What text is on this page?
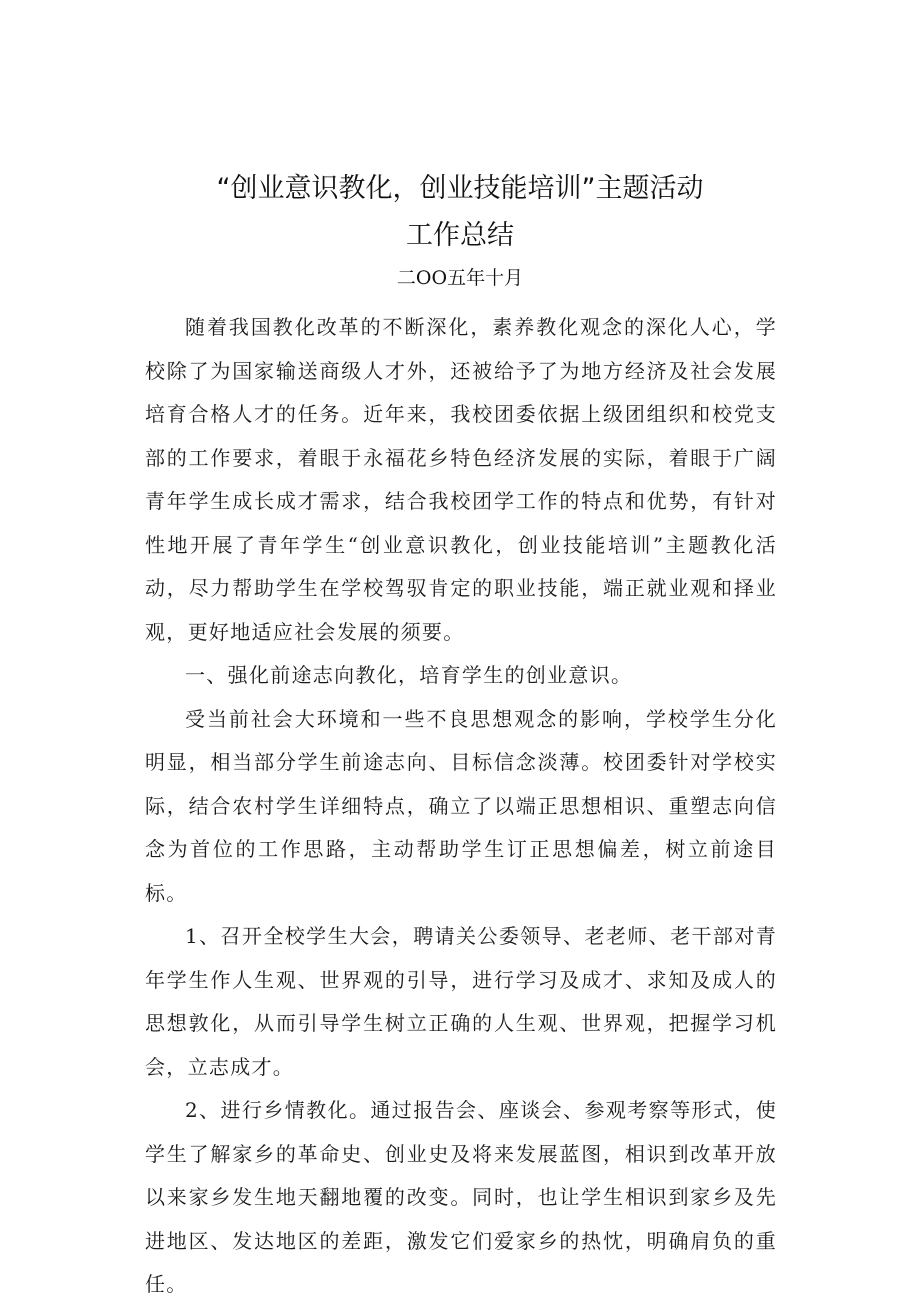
“创业意识教化，创业技能培训”主题活动
工作总结
二OO五年十月

随着我国教化改革的不断深化，素养教化观念的深化人心，学校除了为国家输送商级人才外，还被给予了为地方经济及社会发展培育合格人才的任务。近年来，我校团委依据上级团组织和校党支部的工作要求，着眼于永福花乡特色经济发展的实际，着眼于广阔青年学生成长成才需求，结合我校团学工作的特点和优势，有针对性地开展了青年学生“创业意识教化，创业技能培训”主题教化活动，尽力帮助学生在学校驾驭肯定的职业技能，端正就业观和择业观，更好地适应社会发展的须要。

一、强化前途志向教化，培育学生的创业意识。

受当前社会大环境和一些不良思想观念的影响，学校学生分化明显，相当部分学生前途志向、目标信念淡薄。校团委针对学校实际，结合农村学生详细特点，确立了以端正思想相识、重塑志向信念为首位的工作思路，主动帮助学生订正思想偏差，树立前途目标。

1、召开全校学生大会，聘请关公委领导、老老师、老干部对青年学生作人生观、世界观的引导，进行学习及成才、求知及成人的思想敦化，从而引导学生树立正确的人生观、世界观，把握学习机会，立志成才。

2、进行乡情教化。通过报告会、座谈会、参观考察等形式，使学生了解家乡的革命史、创业史及将来发展蓝图，相识到改革开放以来家乡发生地天翻地覆的改变。同时，也让学生相识到家乡及先进地区、发达地区的差距，激发它们爱家乡的热忱，明确肩负的重任。
